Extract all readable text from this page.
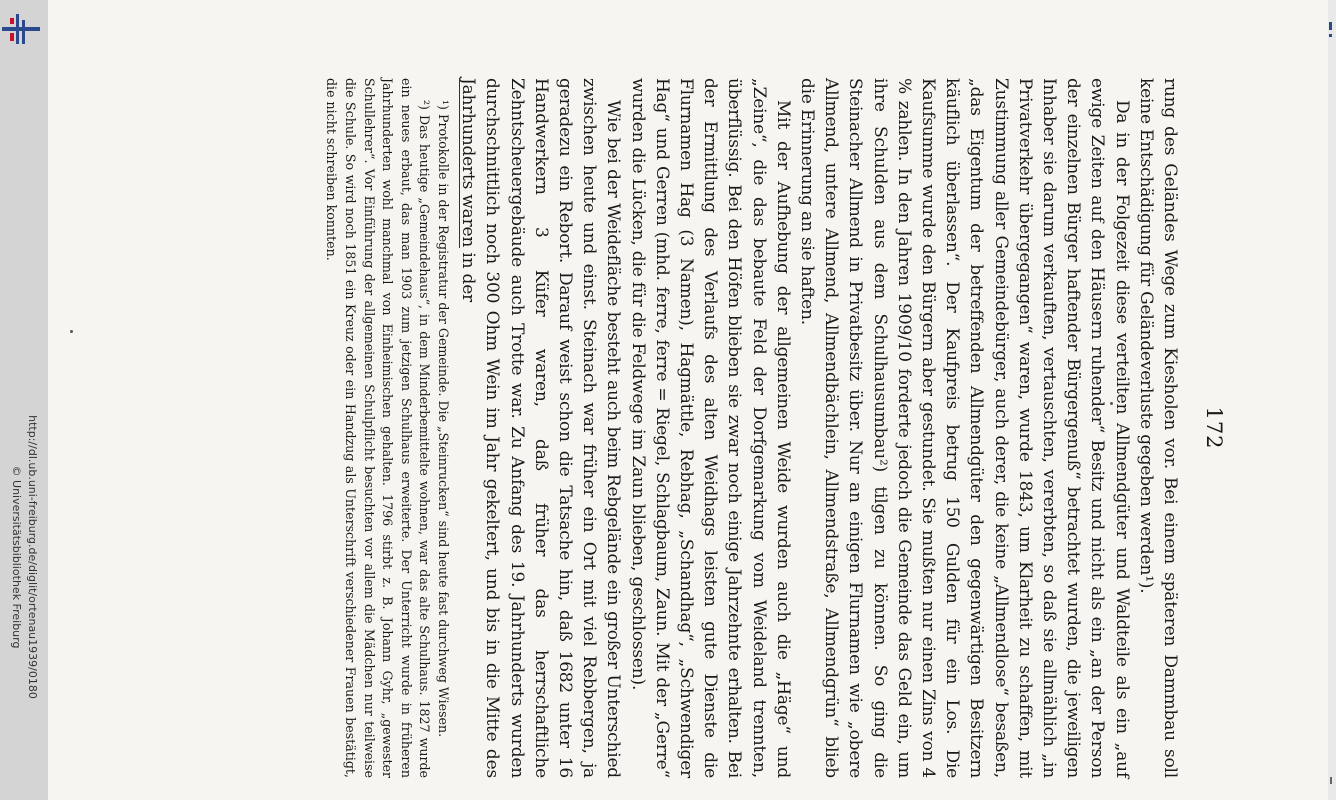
http://dl.ub.uni-freiburg.de/diglit/ortenau1939/0180
© Universitätsbibliothek Freiburg
172

rung des Geländes Wege zum Kiesholen vor. Bei einem späteren Dammbau soll keine Entschädigung für Geländeverluste gegeben werden¹).

Da in der Folgezeit diese verteilten Allmendgüter und Waldteile als ein „auf ewige Zeiten auf den Häusern ruhender“ Besitz und nicht als ein „an der Person der einzelnen Bürger haftender Bürgergenuß“ betrachtet wurden, die jeweiligen Inhaber sie darum verkauften, vertauschten, vererbten, so daß sie allmählich „in Privatverkehr übergegangen“ waren, wurde 1843, um Klarheit zu schaffen, mit Zustimmung aller Gemeindebürger, auch derer, die keine „Allmendlose“ besaßen, „das Eigentum der betreffenden Allmendgüter den gegenwärtigen Besitzern käuflich überlassen“. Der Kaufpreis betrug 150 Gulden für ein Los. Die Kaufsumme wurde den Bürgern aber gestundet. Sie mußten nur einen Zins von 4 % zahlen. In den Jahren 1909/10 forderte jedoch die Gemeinde das Geld ein, um ihre Schulden aus dem Schulhausumbau²) tilgen zu können. So ging die Steinacher Allmend in Privatbesitz über. Nur an einigen Flurnamen wie „obere Allmend, untere Allmend, Allmendbächlein, Allmendstraße, Allmendgrün“ blieb die Erinnerung an sie haften.

Mit der Aufhebung der allgemeinen Weide wurden auch die „Häge“ und „Zeine“, die das bebaute Feld der Dorfgemarkung vom Weideland trennten, überflüssig. Bei den Höfen blieben sie zwar noch einige Jahrzehnte erhalten. Bei der Ermittlung des Verlaufs des alten Weidhags leisten gute Dienste die Flurnamen Hag (3 Namen), Hagmättle, Rebhag, „Schandhag“, „Schwendiger Hag“ und Gerren (mhd. ferre, ferre = Riegel, Schlagbaum, Zaun. Mit der „Gerre“ wurden die Lücken, die für die Feldwege im Zaun blieben, geschlossen).

Wie bei der Weidefläche besteht auch beim Rebgelände ein großer Unterschied zwischen heute und einst. Steinach war früher ein Ort mit viel Rebbergen, ja geradezu ein Rebort. Darauf weist schon die Tatsache hin, daß 1682 unter 16 Handwerkern 3 Küfer waren, daß früher das herrschaftliche Zehntscheuergebäude auch Trotte war. Zu Anfang des 19. Jahrhunderts wurden durchschnittlich noch 300 Ohm Wein im Jahr gekeltert, und bis in die Mitte des Jahrhunderts waren in der

¹) Protokolle in der Registratur der Gemeinde. Die „Steinrucken“ sind heute fast durchweg Wiesen.

²) Das heutige „Gemeindehaus“, in dem Minderbemittelte wohnen, war das alte Schulhaus. 1827 wurde ein neues erbaut, das man 1903 zum jetzigen Schulhaus erweiterte. Der Unterricht wurde in früheren Jahrhunderten wohl manchmal von Einheimischen gehalten. 1796 stirbt z. B. Johann Gyhr, „gewester Schullehrer“. Vor Einführung der allgemeinen Schulpflicht besuchten vor allem die Mädchen nur teilweise die Schule. So wird noch 1851 ein Kreuz oder ein Handzug als Unterschrift verschiedener Frauen bestätigt, die nicht schreiben konnten.
